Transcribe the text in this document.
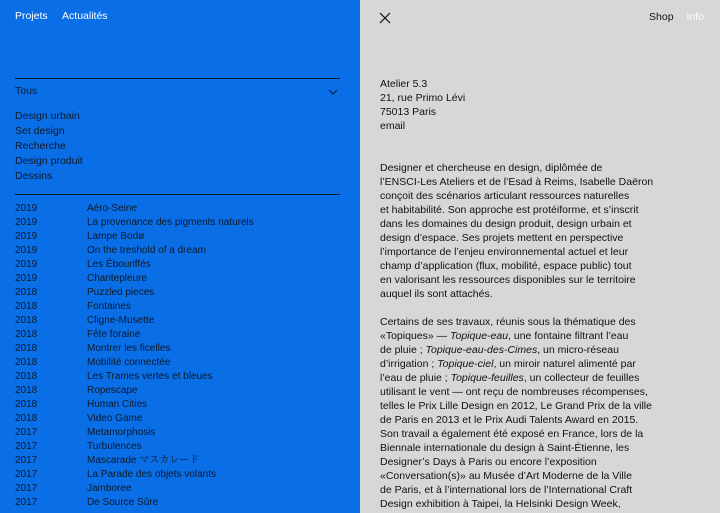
Projets Actualités
Tous
Design urbain
Set design
Recherche
Design produit
Dessins
2019	Aéro-Seine
2019	La provenance des pigments naturels
2019	Lampe Bodø
2019	On the treshold of a dream
2019	Les Ébouriffés
2019	Chantepleure
2018	Puzzled pieces
2018	Fontaines
2018	Cligne-Musette
2018	Fête foraine
2018	Montrer les ficelles
2018	Mobilité connectée
2018	Les Trames vertes et bleues
2018	Ropescape
2018	Human Cities
2018	Video Game
2017	Metamorphosis
2017	Turbulences
2017	Mascarade マスカレード
2017	La Parade des objets volants
2017	Jamboree
2017	De Source Sûre
Shop Info
Atelier 5.3
21, rue Primo Lévi
75013 Paris
email
Designer et chercheuse en design, diplômée de
l’ENSCI-Les Ateliers et de l’Esad à Reims, Isabelle Daëron
conçoit des scénarios articulant ressources naturelles
et habitabilité. Son approche est protéiforme, et s’inscrit
dans les domaines du design produit, design urbain et
design d’espace. Ses projets mettent en perspective
l’importance de l’enjeu environnemental actuel et leur
champ d’application (flux, mobilité, espace public) tout
en valorisant les ressources disponibles sur le territoire
auquel ils sont attachés.
Certains de ses travaux, réunis sous la thématique des
«Topiques» — Topique-eau, une fontaine filtrant l’eau
de pluie ; Topique-eau-des-Cimes, un micro-réseau
d’irrigation ; Topique-ciel, un miroir naturel alimenté par
l’eau de pluie ; Topique-feuilles, un collecteur de feuilles
utilisant le vent — ont reçu de nombreuses récompenses,
telles le Prix Lille Design en 2012, Le Grand Prix de la ville
de Paris en 2013 et le Prix Audi Talents Award en 2015.
Son travail a également été exposé en France, lors de la
Biennale internationale du design à Saint-Étienne, les
Designer’s Days à Paris ou encore l’exposition
«Conversation(s)» au Musée d’Art Moderne de la Ville
de Paris, et à l’international lors de l’International Craft
Design exhibition à Taipei, la Helsinki Design Week,
